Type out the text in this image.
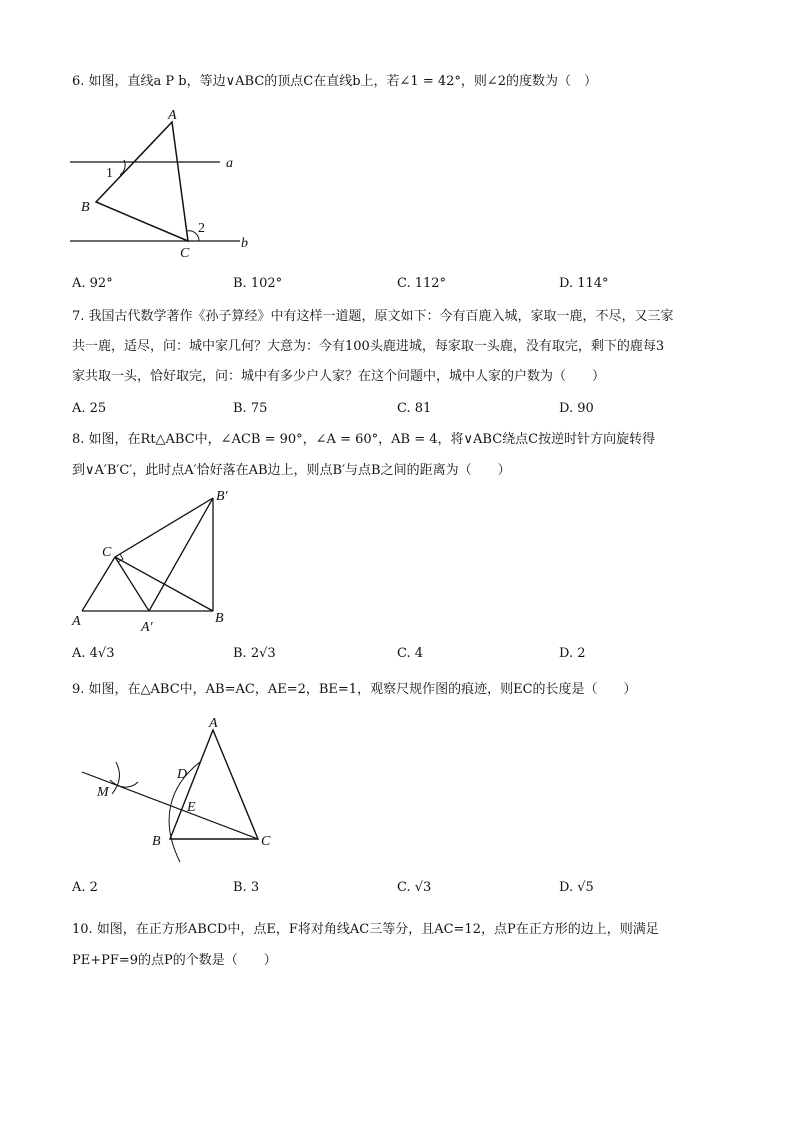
6. 如图，直线a P b，等边∨ABC的顶点C在直线b上，若∠1 = 42°，则∠2的度数为（　）
A
B
C
a
b
1
2
A. 92°	B. 102°	C. 112°	D. 114°
7. 我国古代数学著作《孙子算经》中有这样一道题，原文如下：今有百鹿入城，家取一鹿，不尽，又三家
共一鹿，适尽，问：城中家几何？大意为：今有100头鹿进城，每家取一头鹿，没有取完，剩下的鹿每3
家共取一头，恰好取完，问：城中有多少户人家？在这个问题中，城中人家的户数为（　　）
A. 25	B. 75	C. 81	D. 90
8. 如图，在Rt△ABC中，∠ACB = 90°，∠A = 60°，AB = 4，将∨ABC绕点C按逆时针方向旋转得
到∨A′B′C′，此时点A′恰好落在AB边上，则点B′与点B之间的距离为（　　）
A	B
C
A′
B′
A. 4√3	B. 2√3	C. 4	D. 2
9. 如图，在△ABC中，AB=AC，AE=2，BE=1，观察尺规作图的痕迹，则EC的长度是（　　）
A
B	C
D
E
M
A. 2	B. 3	C. √3	D. √5
10. 如图，在正方形ABCD中，点E，F将对角线AC三等分，且AC=12，点P在正方形的边上，则满足
PE+PF=9的点P的个数是（　　）
